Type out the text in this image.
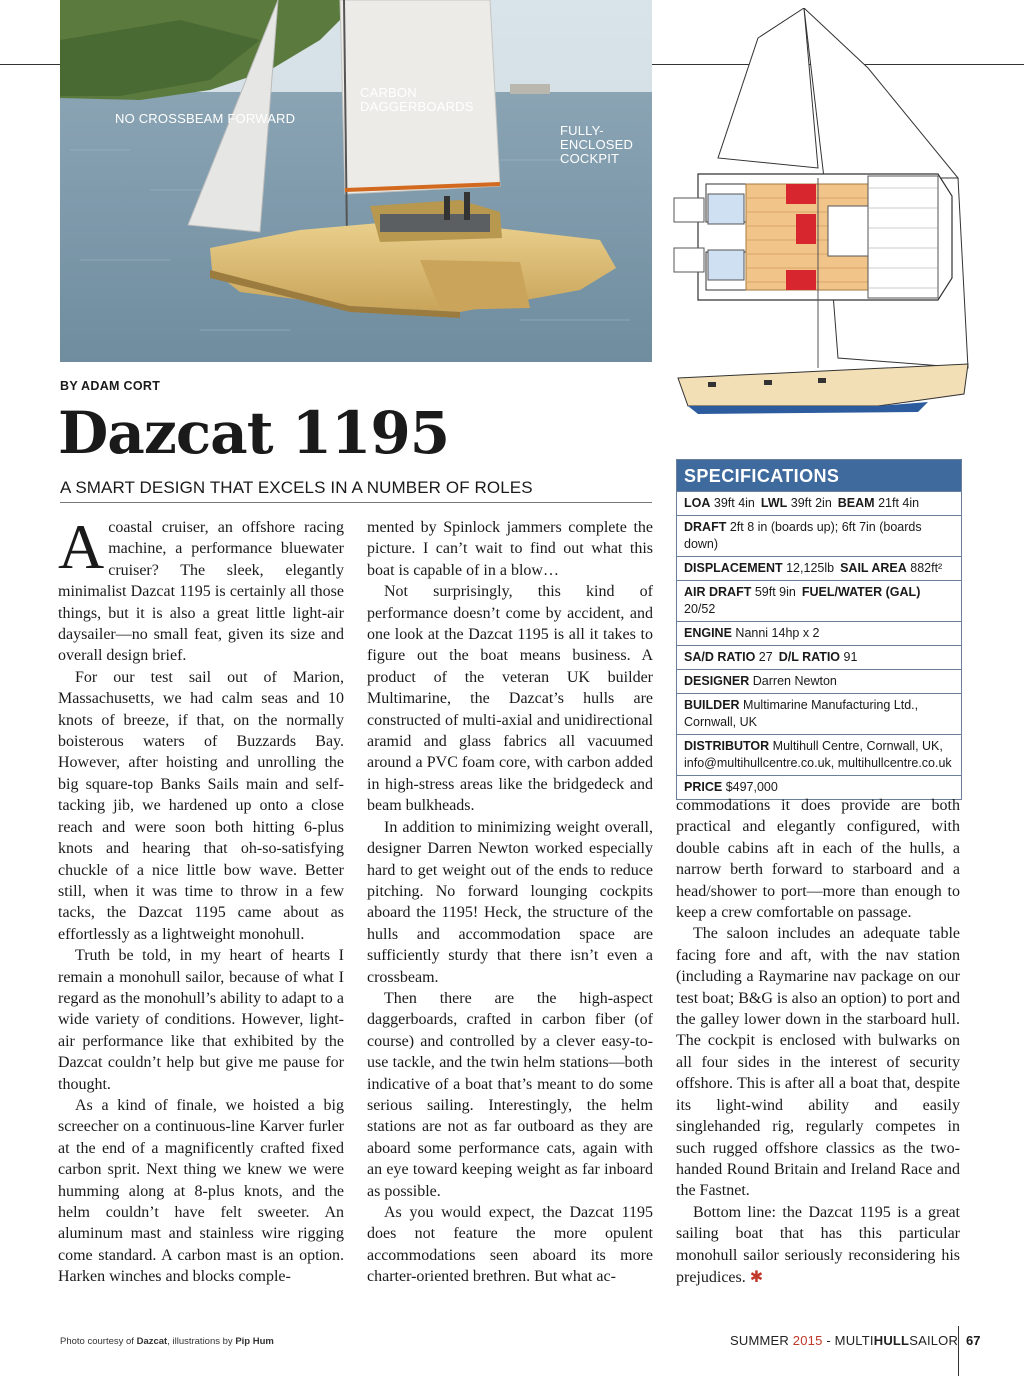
NO CROSSBEAM FORWARD
CARBON DAGGERBOARDS
FULLY-ENCLOSED COCKPIT
BY ADAM CORT
Dazcat 1195
A SMART DESIGN THAT EXCELS IN A NUMBER OF ROLES

Acoastal cruiser, an offshore racing machine, a performance bluewater cruiser? The sleek, elegantly minimalist Dazcat 1195 is certainly all those things, but it is also a great little light-air daysailer—no small feat, given its size and overall design brief.

For our test sail out of Marion, Massachusetts, we had calm seas and 10 knots of breeze, if that, on the normally boisterous waters of Buzzards Bay. However, after hoisting and unrolling the big square-top Banks Sails main and self-tacking jib, we hardened up onto a close reach and were soon both hitting 6-plus knots and hearing that oh-so-satisfying chuckle of a nice little bow wave. Better still, when it was time to throw in a few tacks, the Dazcat 1195 came about as effortlessly as a lightweight monohull.

Truth be told, in my heart of hearts I remain a monohull sailor, because of what I regard as the monohull’s ability to adapt to a wide variety of conditions. However, light-air performance like that exhibited by the Dazcat couldn’t help but give me pause for thought.

As a kind of finale, we hoisted a big screecher on a continuous-line Karver furler at the end of a magnificently crafted fixed carbon sprit. Next thing we knew we were humming along at 8-plus knots, and the helm couldn’t have felt sweeter. An aluminum mast and stainless wire rigging come standard. A carbon mast is an option. Harken winches and blocks comple-

mented by Spinlock jammers complete the picture. I can’t wait to find out what this boat is capable of in a blow…

Not surprisingly, this kind of performance doesn’t come by accident, and one look at the Dazcat 1195 is all it takes to figure out the boat means business. A product of the veteran UK builder Multimarine, the Dazcat’s hulls are constructed of multi-axial and unidirectional aramid and glass fabrics all vacuumed around a PVC foam core, with carbon added in high-stress areas like the bridgedeck and beam bulkheads.

In addition to minimizing weight overall, designer Darren Newton worked especially hard to get weight out of the ends to reduce pitching. No forward lounging cockpits aboard the 1195! Heck, the structure of the hulls and accommodation space are sufficiently sturdy that there isn’t even a crossbeam.

Then there are the high-aspect daggerboards, crafted in carbon fiber (of course) and controlled by a clever easy-to-use tackle, and the twin helm stations—both indicative of a boat that’s meant to do some serious sailing. Interestingly, the helm stations are not as far outboard as they are aboard some performance cats, again with an eye toward keeping weight as far inboard as possible.

As you would expect, the Dazcat 1195 does not feature the more opulent accommodations seen aboard its more charter-oriented brethren. But what ac-

SPECIFICATIONS
LOA 39ft 4in LWL 39ft 2in BEAM 21ft 4in
DRAFT 2ft 8 in (boards up); 6ft 7in (boards down)
DISPLACEMENT 12,125lb SAIL AREA 882ft²
AIR DRAFT 59ft 9in FUEL/WATER (GAL) 20/52
ENGINE Nanni 14hp x 2
SA/D RATIO 27 D/L RATIO 91
DESIGNER Darren Newton
BUILDER Multimarine Manufacturing Ltd., Cornwall, UK
DISTRIBUTOR Multihull Centre, Cornwall, UK, info@multihullcentre.co.uk, multihullcentre.co.uk
PRICE $497,000

commodations it does provide are both practical and elegantly configured, with double cabins aft in each of the hulls, a narrow berth forward to starboard and a head/shower to port—more than enough to keep a crew comfortable on passage.

The saloon includes an adequate table facing fore and aft, with the nav station (including a Raymarine nav package on our test boat; B&G is also an option) to port and the galley lower down in the starboard hull. The cockpit is enclosed with bulwarks on all four sides in the interest of security offshore. This is after all a boat that, despite its light-wind ability and easily singlehanded rig, regularly competes in such rugged offshore classics as the two-handed Round Britain and Ireland Race and the Fastnet.

Bottom line: the Dazcat 1195 is a great sailing boat that has this particular monohull sailor seriously reconsidering his prejudices. ✱

Photo courtesy of Dazcat, illustrations by Pip Hum	SUMMER 2015 - MULTIHULLSAILOR 67
